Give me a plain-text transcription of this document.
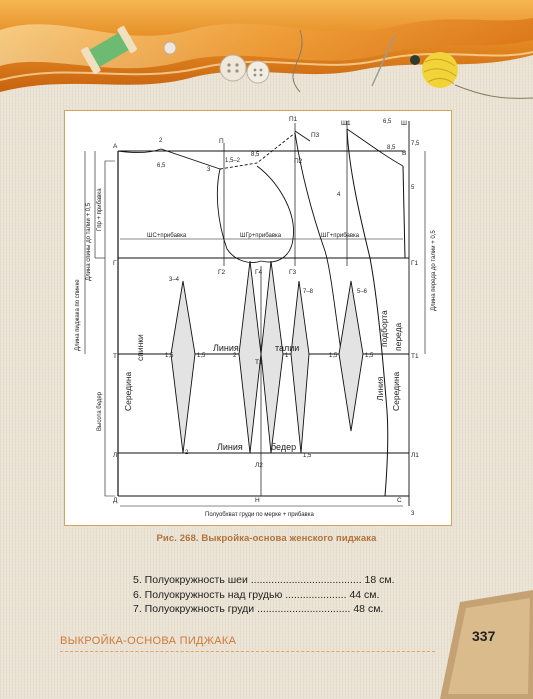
А
Г
Т
Л
Д	Н	С
Г1
Т1
Л1
Г2	Г3
Г4
Т2
Л2
П
П1
П2
П3
Ш
Ш1
В
2
6,5
3
1,5–2
8,5
6,5
7,5
8,5
5
4
3–4
7–8	5–6
1,5	1,5	2	1	1,5	1,5
2	1,5
3
ШС+прибавка	ШГр+прибавка	ШГ+прибавка
Полуобхват груди по мерке + прибавка
Линия	талии
Линия	бедер
Длина пиджака по спинке
Длина спины до талии + 0,5 Гпр + прибавка
Высота бедер
Длина переда до талии + 0,5
Середина
спинки
Середина
переда
Линия
подборта
Рис. 268. Выкройка-основа женского пиджака
5. Полуокружность шеи ...................................... 18 см.
6. Полуокружность над грудью ..................... 44 см.
7. Полуокружность груди ................................ 48 см.
ВЫКРОЙКА-ОСНОВА ПИДЖАКА	337
